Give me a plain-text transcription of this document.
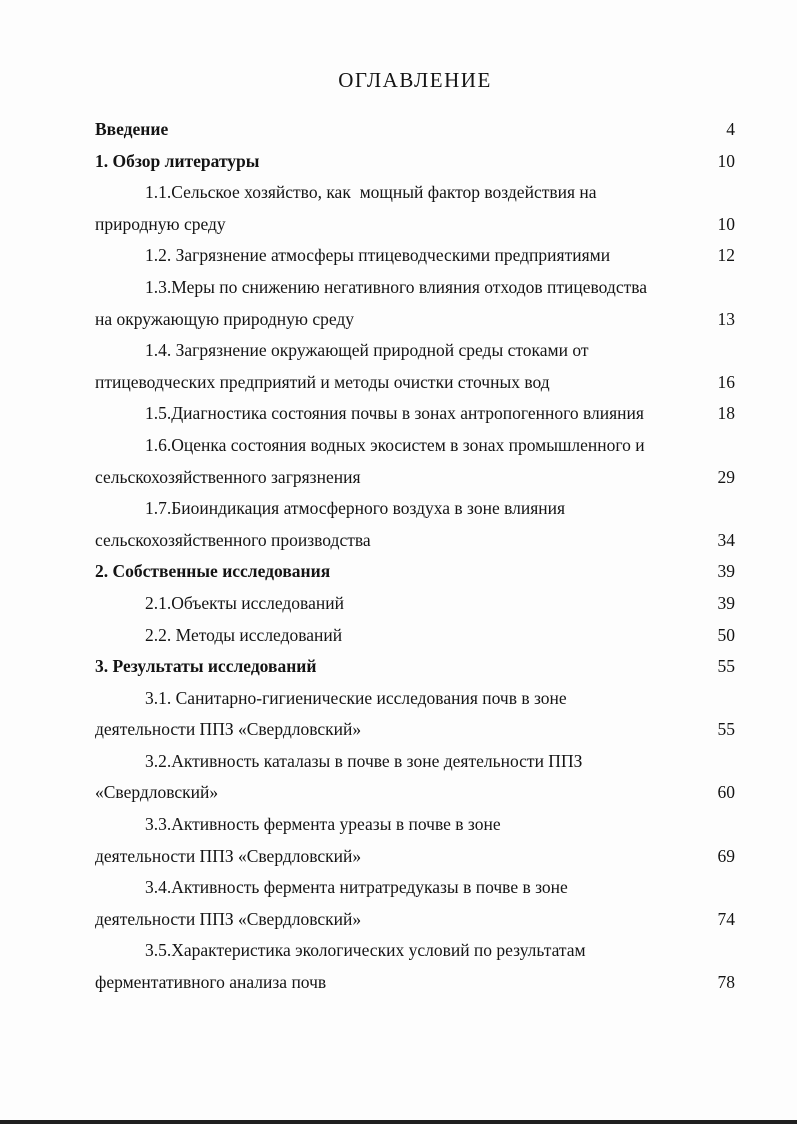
ОГЛАВЛЕНИЕ
Введение	4
1. Обзор литературы	10
1.1.Сельское хозяйство, как  мощный фактор воздействия на
природную среду	10
1.2. Загрязнение атмосферы птицеводческими предприятиями	12
1.3.Меры по снижению негативного влияния отходов птицеводства
на окружающую природную среду	13
1.4. Загрязнение окружающей природной среды стоками от
птицеводческих предприятий и методы очистки сточных вод	16
1.5.Диагностика состояния почвы в зонах антропогенного влияния	18
1.6.Оценка состояния водных экосистем в зонах промышленного и
сельскохозяйственного загрязнения	29
1.7.Биоиндикация атмосферного воздуха в зоне влияния
сельскохозяйственного производства	34
2. Собственные исследования	39
2.1.Объекты исследований	39
2.2. Методы исследований	50
3. Результаты исследований	55
3.1. Санитарно-гигиенические исследования почв в зоне
деятельности ППЗ «Свердловский»	55
3.2.Активность каталазы в почве в зоне деятельности ППЗ
«Свердловский»	60
3.3.Активность фермента уреазы в почве в зоне
деятельности ППЗ «Свердловский»	69
3.4.Активность фермента нитратредуказы в почве в зоне
деятельности ППЗ «Свердловский»	74
3.5.Характеристика экологических условий по результатам
ферментативного анализа почв	78
